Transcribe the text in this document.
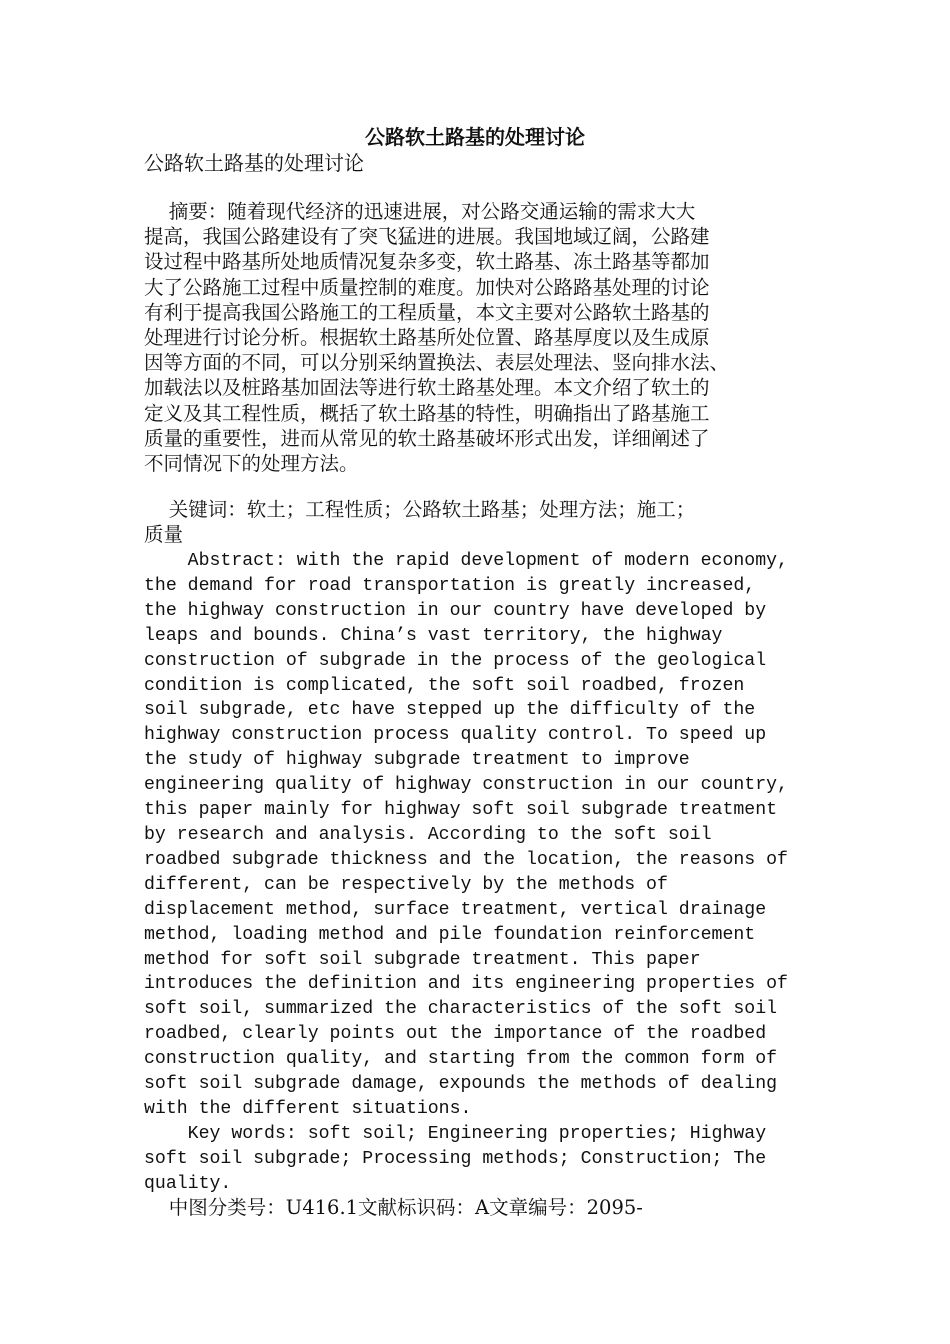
公路软土路基的处理讨论
公路软土路基的处理讨论
摘要：随着现代经济的迅速进展，对公路交通运输的需求大大
提高，我国公路建设有了突飞猛进的进展。我国地域辽阔，公路建
设过程中路基所处地质情况复杂多变，软土路基、冻土路基等都加
大了公路施工过程中质量控制的难度。加快对公路路基处理的讨论
有利于提高我国公路施工的工程质量，本文主要对公路软土路基的
处理进行讨论分析。根据软土路基所处位置、路基厚度以及生成原
因等方面的不同，可以分别采纳置换法、表层处理法、竖向排水法、
加载法以及桩路基加固法等进行软土路基处理。本文介绍了软土的
定义及其工程性质，概括了软土路基的特性，明确指出了路基施工
质量的重要性，进而从常见的软土路基破坏形式出发，详细阐述了
不同情况下的处理方法。
关键词：软土；工程性质；公路软土路基；处理方法；施工；
质量
Abstract: with the rapid development of modern economy,
the demand for road transportation is greatly increased,
the highway construction in our country have developed by
leaps and bounds. China’s vast territory, the highway
construction of subgrade in the process of the geological
condition is complicated, the soft soil roadbed, frozen
soil subgrade, etc have stepped up the difficulty of the
highway construction process quality control. To speed up
the study of highway subgrade treatment to improve
engineering quality of highway construction in our country,
this paper mainly for highway soft soil subgrade treatment
by research and analysis. According to the soft soil
roadbed subgrade thickness and the location, the reasons of
different, can be respectively by the methods of
displacement method, surface treatment, vertical drainage
method, loading method and pile foundation reinforcement
method for soft soil subgrade treatment. This paper
introduces the definition and its engineering properties of
soft soil, summarized the characteristics of the soft soil
roadbed, clearly points out the importance of the roadbed
construction quality, and starting from the common form of
soft soil subgrade damage, expounds the methods of dealing
with the different situations.
Key words: soft soil; Engineering properties; Highway
soft soil subgrade; Processing methods; Construction; The
quality.
中图分类号：U416.1文献标识码：A文章编号：2095-
